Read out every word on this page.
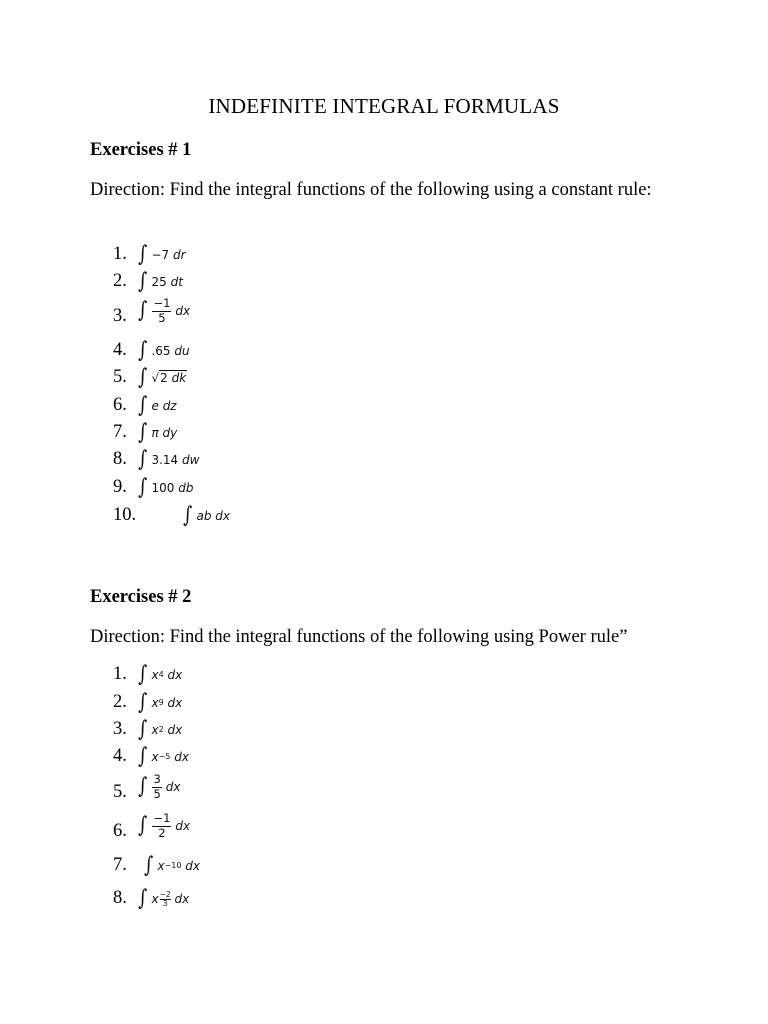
INDEFINITE INTEGRAL FORMULAS
Exercises # 1
Direction: Find the integral functions of the following using a constant rule:
1. ∫ −7
dr
2. ∫ 25
dt
3. ∫ $\frac{-1}{5}$ dx
4. ∫ .65
du
5. ∫ √2 dk
6. ∫ e
dz
7. ∫ π
dy
8. ∫ 3.14
dw
9. ∫ 100
db
10. ∫ ab
dx
Exercises # 2
Direction: Find the integral functions of the following using Power rule”
1. ∫ x 4
dx
2. ∫ x 9
dx
3. ∫ x 2
dx
4. ∫ x −5
dx
5. ∫ $\frac{3}{5}$ dx
6. ∫ $\frac{-1}{2}$ dx
7. ∫ x −10
dx
8. ∫ x $\frac{-2}{3}$
dx
